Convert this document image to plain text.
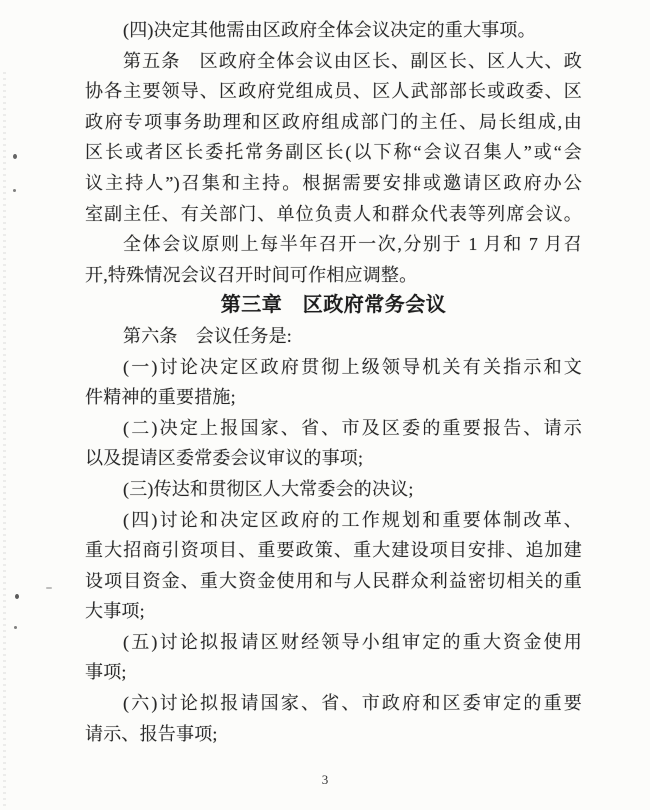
(四)决定其他需由区政府全体会议决定的重大事项。
第五条　区政府全体会议由区长、副区长、区人大、政
协各主要领导、区政府党组成员、区人武部部长或政委、区
政府专项事务助理和区政府组成部门的主任、局长组成,由
区长或者区长委托常务副区长(以下称“会议召集人”或“会
议主持人”)召集和主持。根据需要安排或邀请区政府办公
室副主任、有关部门、单位负责人和群众代表等列席会议。
全体会议原则上每半年召开一次,分别于 1 月和 7 月召
开,特殊情况会议召开时间可作相应调整。
第三章　区政府常务会议
第六条　会议任务是:
(一)讨论决定区政府贯彻上级领导机关有关指示和文
件精神的重要措施;
(二)决定上报国家、省、市及区委的重要报告、请示
以及提请区委常委会议审议的事项;
(三)传达和贯彻区人大常委会的决议;
(四)讨论和决定区政府的工作规划和重要体制改革、
重大招商引资项目、重要政策、重大建设项目安排、追加建
设项目资金、重大资金使用和与人民群众利益密切相关的重
大事项;
(五)讨论拟报请区财经领导小组审定的重大资金使用
事项;
(六)讨论拟报请国家、省、市政府和区委审定的重要
请示、报告事项;
3
